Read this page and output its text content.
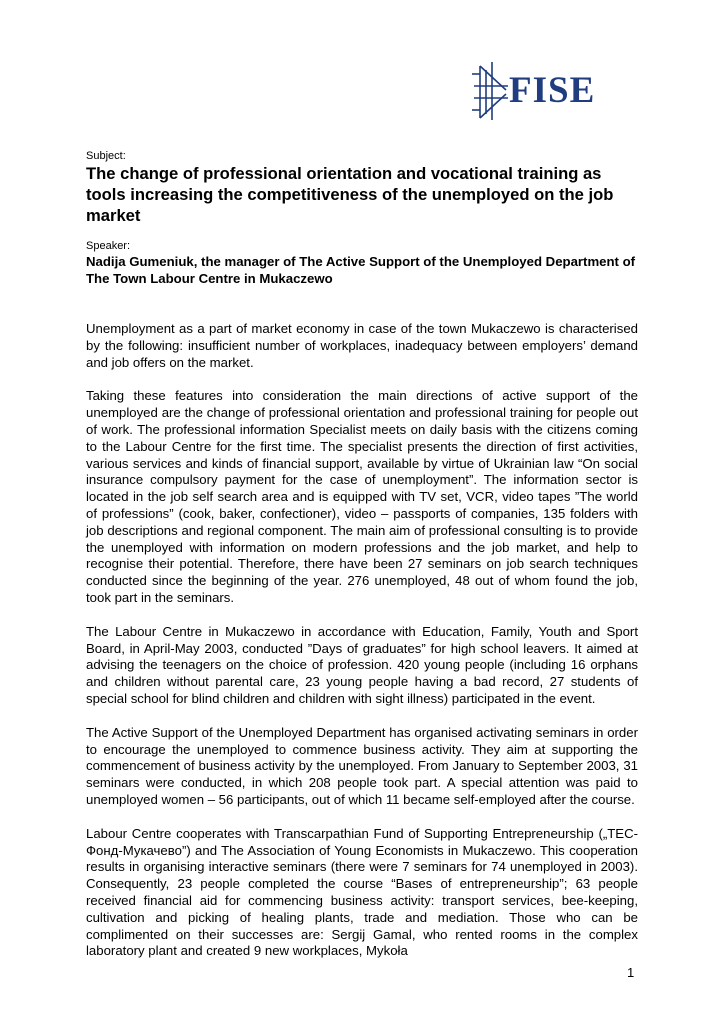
FISE

Subject:

The change of professional orientation and vocational training as tools increasing the competitiveness of the unemployed on the job market

Speaker:

Nadija Gumeniuk, the manager of The Active Support of the Unemployed Department of The Town Labour Centre in Mukaczewo

Unemployment as a part of market economy in case of the town Mukaczewo is characterised by the following: insufficient number of workplaces, inadequacy between employers’ demand and job offers on the market.

Taking these features into consideration the main directions of active support of the unemployed are the change of professional orientation and professional training for people out of work. The professional information Specialist meets on daily basis with the citizens coming to the Labour Centre for the first time. The specialist presents the direction of first activities, various services and kinds of financial support, available by virtue of Ukrainian law “On social insurance compulsory payment for the case of unemployment”. The information sector is located in the job self search area and is equipped with TV set, VCR, video tapes ”The world of professions” (cook, baker, confectioner), video – passports of companies, 135 folders with job descriptions and regional component. The main aim of professional consulting is to provide the unemployed with information on modern professions and the job market, and help to recognise their potential. Therefore, there have been 27 seminars on job search techniques conducted since the beginning of the year. 276 unemployed, 48 out of whom found the job, took part in the seminars.

The Labour Centre in Mukaczewo in accordance with Education, Family, Youth and Sport Board, in April-May 2003, conducted ”Days of graduates” for high school leavers. It aimed at advising the teenagers on the choice of profession. 420 young people (including 16 orphans and children without parental care, 23 young people having a bad record, 27 students of special school for blind children and children with sight illness) participated in the event.

The Active Support of the Unemployed Department has organised activating seminars in order to encourage the unemployed to commence business activity. They aim at supporting the commencement of business activity by the unemployed. From January to September 2003, 31 seminars were conducted, in which 208 people took part. A special attention was paid to unemployed women – 56 participants, out of which 11 became self-employed after the course.

Labour Centre cooperates with Transcarpathian Fund of Supporting Entrepreneurship („ТЕС-Фонд-Мукачево”) and The Association of Young Economists in Mukaczewo. This cooperation results in organising interactive seminars (there were 7 seminars for 74 unemployed in 2003). Consequently, 23 people completed the course “Bases of entrepreneurship”; 63 people received financial aid for commencing business activity: transport services, bee-keeping, cultivation and picking of healing plants, trade and mediation. Those who can be complimented on their successes are: Sergij Gamal, who rented rooms in the complex laboratory plant and created 9 new workplaces, Mykoła

1
